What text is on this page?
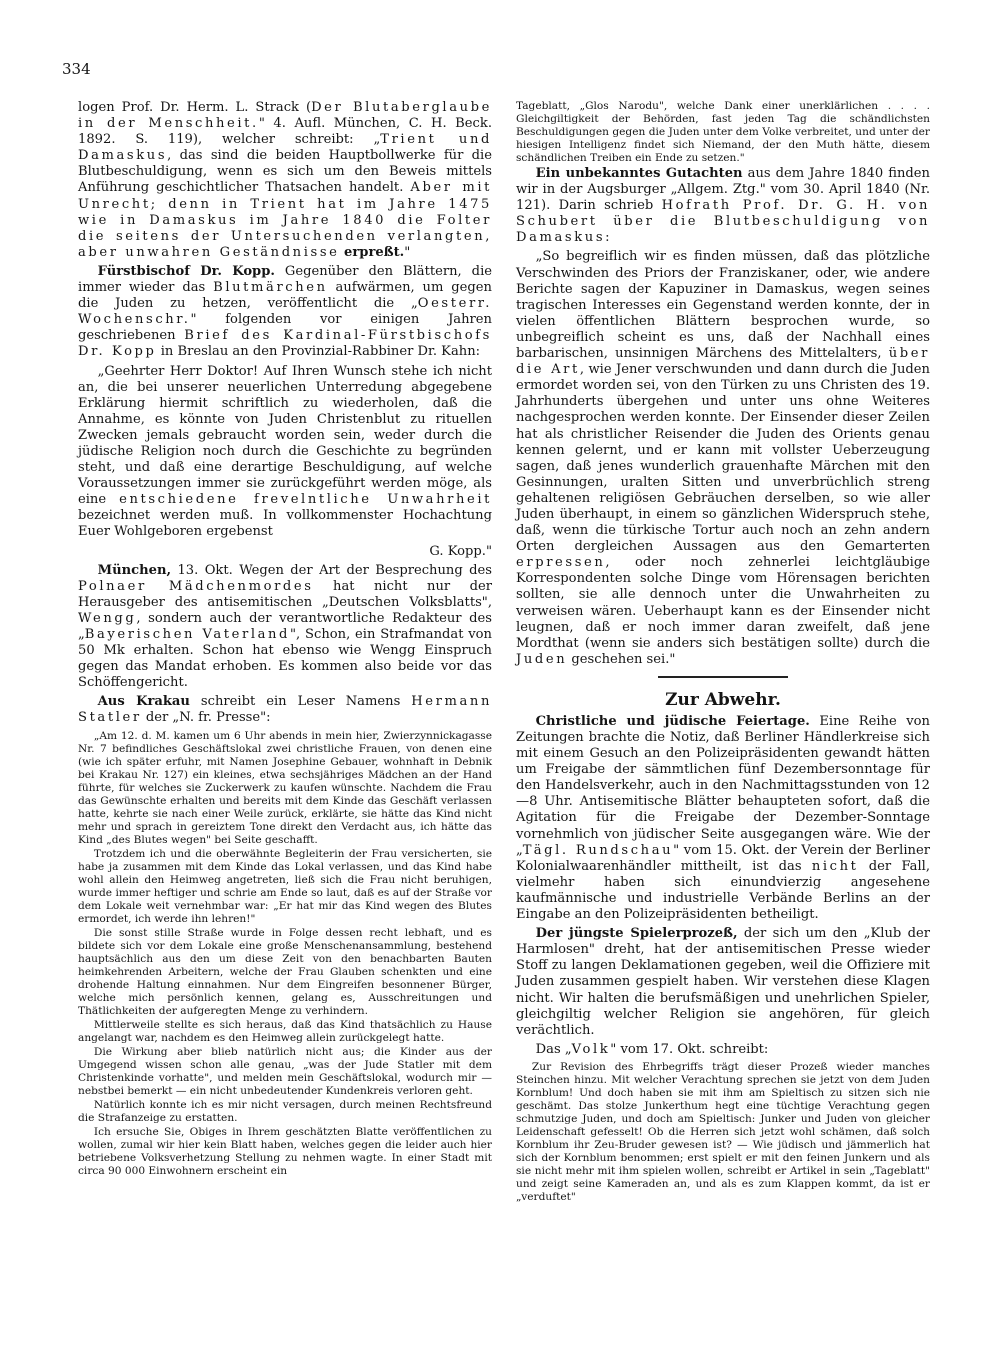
334

logen Prof. Dr. Herm. L. Strack (Der Blutaberglaube in der Menschheit." 4. Aufl. München, C. H. Beck. 1892. S. 119), welcher schreibt: „Trient und Damaskus, das sind die beiden Hauptbollwerke für die Blutbeschuldigung, wenn es sich um den Beweis mittels Anführung geschichtlicher Thatsachen handelt. Aber mit Unrecht; denn in Trient hat im Jahre 1475 wie in Damaskus im Jahre 1840 die Folter die seitens der Untersuchenden verlangten, aber unwahren Geständnisse erpreßt."

Fürstbischof Dr. Kopp. Gegenüber den Blättern, die immer wieder das Blutmärchen aufwärmen, um gegen die Juden zu hetzen, veröffentlicht die „Oesterr. Wochenschr." folgenden vor einigen Jahren geschriebenen Brief des Kardinal-Fürstbischofs Dr. Kopp in Breslau an den Provinzial-Rabbiner Dr. Kahn:

„Geehrter Herr Doktor! Auf Ihren Wunsch stehe ich nicht an, die bei unserer neuerlichen Unterredung abgegebene Erklärung hiermit schriftlich zu wiederholen, daß die Annahme, es könnte von Juden Christenblut zu rituellen Zwecken jemals gebraucht worden sein, weder durch die jüdische Religion noch durch die Geschichte zu begründen steht, und daß eine derartige Beschuldigung, auf welche Voraussetzungen immer sie zurückgeführt werden möge, als eine entschiedene frevelntliche Unwahrheit bezeichnet werden muß. In vollkommenster Hochachtung Euer Wohlgeboren ergebenst

G. Kopp."

München, 13. Okt. Wegen der Art der Besprechung des Polnaer Mädchenmordes hat nicht nur der Herausgeber des antisemitischen „Deutschen Volksblatts", Wengg, sondern auch der verantwortliche Redakteur des „Bayerischen Vaterland", Schon, ein Strafmandat von 50 Mk erhalten. Schon hat ebenso wie Wengg Einspruch gegen das Mandat erhoben. Es kommen also beide vor das Schöffengericht.

Aus Krakau schreibt ein Leser Namens Hermann Statler der „N. fr. Presse":

„Am 12. d. M. kamen um 6 Uhr abends in mein hier, Zwierzynnickagasse Nr. 7 befindliches Geschäftslokal zwei christliche Frauen, von denen eine (wie ich später erfuhr, mit Namen Josephine Gebauer, wohnhaft in Debnik bei Krakau Nr. 127) ein kleines, etwa sechsjähriges Mädchen an der Hand führte, für welches sie Zuckerwerk zu kaufen wünschte. Nachdem die Frau das Gewünschte erhalten und bereits mit dem Kinde das Geschäft verlassen hatte, kehrte sie nach einer Weile zurück, erklärte, sie hätte das Kind nicht mehr und sprach in gereiztem Tone direkt den Verdacht aus, ich hätte das Kind „des Blutes wegen" bei Seite geschafft.

Trotzdem ich und die oberwähnte Begleiterin der Frau versicherten, sie habe ja zusammen mit dem Kinde das Lokal verlassen, und das Kind habe wohl allein den Heimweg angetreten, ließ sich die Frau nicht beruhigen, wurde immer heftiger und schrie am Ende so laut, daß es auf der Straße vor dem Lokale weit vernehmbar war: „Er hat mir das Kind wegen des Blutes ermordet, ich werde ihn lehren!"

Die sonst stille Straße wurde in Folge dessen recht lebhaft, und es bildete sich vor dem Lokale eine große Menschenansammlung, bestehend hauptsächlich aus den um diese Zeit von den benachbarten Bauten heimkehrenden Arbeitern, welche der Frau Glauben schenkten und eine drohende Haltung einnahmen. Nur dem Eingreifen besonnener Bürger, welche mich persönlich kennen, gelang es, Ausschreitungen und Thätlichkeiten der aufgeregten Menge zu verhindern.

Mittlerweile stellte es sich heraus, daß das Kind thatsächlich zu Hause angelangt war, nachdem es den Heimweg allein zurückgelegt hatte.

Die Wirkung aber blieb natürlich nicht aus; die Kinder aus der Umgegend wissen schon alle genau, „was der Jude Statler mit dem Christenkinde vorhatte", und melden mein Geschäftslokal, wodurch mir — nebstbei bemerkt — ein nicht unbedeutender Kundenkreis verloren geht.

Natürlich konnte ich es mir nicht versagen, durch meinen Rechtsfreund die Strafanzeige zu erstatten.

Ich ersuche Sie, Obiges in Ihrem geschätzten Blatte veröffentlichen zu wollen, zumal wir hier kein Blatt haben, welches gegen die leider auch hier betriebene Volksverhetzung Stellung zu nehmen wagte. In einer Stadt mit circa 90 000 Einwohnern erscheint ein

Tageblatt, „Glos Narodu", welche Dank einer unerklärlichen . . . . Gleichgiltigkeit der Behörden, fast jeden Tag die schändlichsten Beschuldigungen gegen die Juden unter dem Volke verbreitet, und unter der hiesigen Intelligenz findet sich Niemand, der den Muth hätte, diesem schändlichen Treiben ein Ende zu setzen."

Ein unbekanntes Gutachten aus dem Jahre 1840 finden wir in der Augsburger „Allgem. Ztg." vom 30. April 1840 (Nr. 121). Darin schrieb Hofrath Prof. Dr. G. H. von Schubert über die Blutbeschuldigung von Damaskus:

„So begreiflich wir es finden müssen, daß das plötzliche Verschwinden des Priors der Franziskaner, oder, wie andere Berichte sagen der Kapuziner in Damaskus, wegen seines tragischen Interesses ein Gegenstand werden konnte, der in vielen öffentlichen Blättern besprochen wurde, so unbegreiflich scheint es uns, daß der Nachhall eines barbarischen, unsinnigen Märchens des Mittelalters, über die Art, wie Jener verschwunden und dann durch die Juden ermordet worden sei, von den Türken zu uns Christen des 19. Jahrhunderts übergehen und unter uns ohne Weiteres nachgesprochen werden konnte. Der Einsender dieser Zeilen hat als christlicher Reisender die Juden des Orients genau kennen gelernt, und er kann mit vollster Ueberzeugung sagen, daß jenes wunderlich grauenhafte Märchen mit den Gesinnungen, uralten Sitten und unverbrüchlich streng gehaltenen religiösen Gebräuchen derselben, so wie aller Juden überhaupt, in einem so gänzlichen Widerspruch stehe, daß, wenn die türkische Tortur auch noch an zehn andern Orten dergleichen Aussagen aus den Gemarterten erpressen, oder noch zehnerlei leichtgläubige Korrespondenten solche Dinge vom Hörensagen berichten sollten, sie alle dennoch unter die Unwahrheiten zu verweisen wären. Ueberhaupt kann es der Einsender nicht leugnen, daß er noch immer daran zweifelt, daß jene Mordthat (wenn sie anders sich bestätigen sollte) durch die Juden geschehen sei."

Zur Abwehr.

Christliche und jüdische Feiertage. Eine Reihe von Zeitungen brachte die Notiz, daß Berliner Händlerkreise sich mit einem Gesuch an den Polizeipräsidenten gewandt hätten um Freigabe der sämmtlichen fünf Dezembersonntage für den Handelsverkehr, auch in den Nachmittagsstunden von 12—8 Uhr. Antisemitische Blätter behaupteten sofort, daß die Agitation für die Freigabe der Dezember-Sonntage vornehmlich von jüdischer Seite ausgegangen wäre. Wie der „Tägl. Rundschau" vom 15. Okt. der Verein der Berliner Kolonialwaarenhändler mittheilt, ist das nicht der Fall, vielmehr haben sich einundvierzig angesehene kaufmännische und industrielle Verbände Berlins an der Eingabe an den Polizeipräsidenten betheiligt.

Der jüngste Spielerprozeß, der sich um den „Klub der Harmlosen" dreht, hat der antisemitischen Presse wieder Stoff zu langen Deklamationen gegeben, weil die Offiziere mit Juden zusammen gespielt haben. Wir verstehen diese Klagen nicht. Wir halten die berufsmäßigen und unehrlichen Spieler, gleichgiltig welcher Religion sie angehören, für gleich verächtlich.

Das „Volk" vom 17. Okt. schreibt:

Zur Revision des Ehrbegriffs trägt dieser Prozeß wieder manches Steinchen hinzu. Mit welcher Verachtung sprechen sie jetzt von dem Juden Kornblum! Und doch haben sie mit ihm am Spieltisch zu sitzen sich nie geschämt. Das stolze Junkerthum hegt eine tüchtige Verachtung gegen schmutzige Juden, und doch am Spieltisch: Junker und Juden von gleicher Leidenschaft gefesselt! Ob die Herren sich jetzt wohl schämen, daß solch Kornblum ihr Zeu-Bruder gewesen ist? — Wie jüdisch und jämmerlich hat sich der Kornblum benommen; erst spielt er mit den feinen Junkern und als sie nicht mehr mit ihm spielen wollen, schreibt er Artikel in sein „Tageblatt" und zeigt seine Kameraden an, und als es zum Klappen kommt, da ist er „verduftet"
